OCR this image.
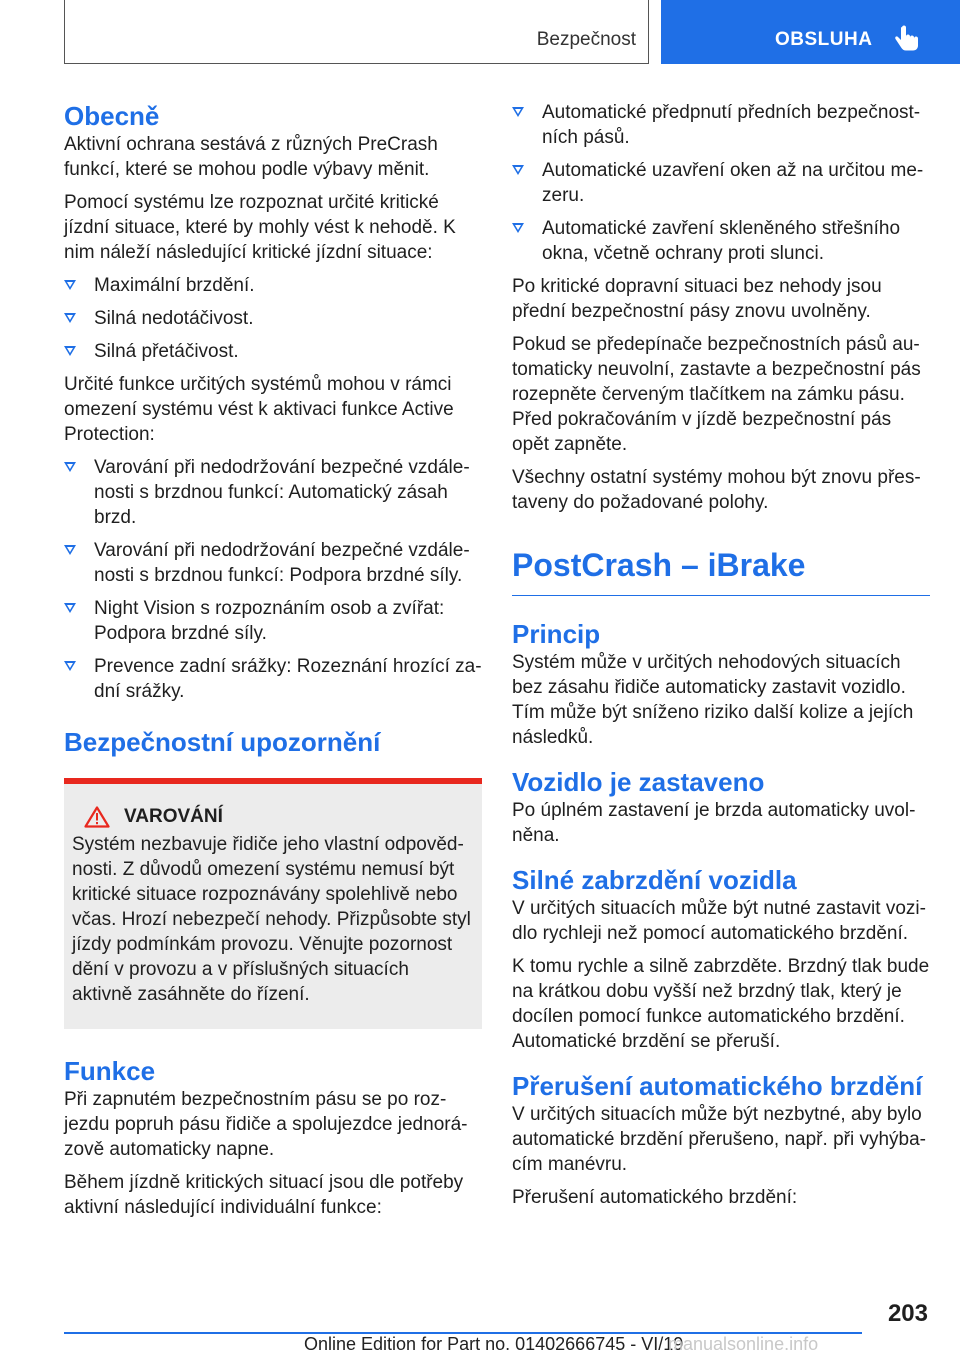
Bezpečnost	OBSLUHA
Obecně

Aktivní ochrana sestává z různých PreCrash funkcí, které se mohou podle výbavy měnit.

Pomocí systému lze rozpoznat určité kritické jízdní situace, které by mohly vést k nehodě. K nim náleží následující kritické jízdní situace:

Maximální brzdění.
Silná nedotáčivost.
Silná přetáčivost.

Určité funkce určitých systémů mohou v rámci omezení systému vést k aktivaci funkce Active Protection:

Varování při nedodržování bezpečné vzdále-nosti s brzdnou funkcí: Automatický zásah brzd.
Varování při nedodržování bezpečné vzdále-nosti s brzdnou funkcí: Podpora brzdné síly.
Night Vision s rozpoznáním osob a zvířat: Podpora brzdné síly.
Prevence zadní srážky: Rozeznání hrozící za-dní srážky.
Bezpečnostní upozornění
VAROVÁNÍ

Systém nezbavuje řidiče jeho vlastní odpověd-nosti. Z důvodů omezení systému nemusí být kritické situace rozpoznávány spolehlivě nebo včas. Hrozí nebezpečí nehody. Přizpůsobte styl jízdy podmínkám provozu. Věnujte pozornost dění v provozu a v příslušných situacích aktivně zasáhněte do řízení.

Funkce

Při zapnutém bezpečnostním pásu se po roz-jezdu popruh pásu řidiče a spolujezdce jednorá-zově automaticky napne.

Během jízdně kritických situací jsou dle potřeby aktivní následující individuální funkce:

Automatické předpnutí předních bezpečnost-ních pásů.
Automatické uzavření oken až na určitou me-zeru.
Automatické zavření skleněného střešního okna, včetně ochrany proti slunci.

Po kritické dopravní situaci bez nehody jsou přední bezpečnostní pásy znovu uvolněny.

Pokud se předepínače bezpečnostních pásů au-tomaticky neuvolní, zastavte a bezpečnostní pás rozepněte červeným tlačítkem na zámku pásu. Před pokračováním v jízdě bezpečnostní pás opět zapněte.

Všechny ostatní systémy mohou být znovu přes-taveny do požadované polohy.

PostCrash – iBrake
Princip

Systém může v určitých nehodových situacích bez zásahu řidiče automaticky zastavit vozidlo. Tím může být sníženo riziko další kolize a jejích následků.

Vozidlo je zastaveno

Po úplném zastavení je brzda automaticky uvol-něna.

Silné zabrzdění vozidla

V určitých situacích může být nutné zastavit vozi-dlo rychleji než pomocí automatického brzdění.

K tomu rychle a silně zabrzděte. Brzdný tlak bude na krátkou dobu vyšší než brzdný tlak, který je docílen pomocí funkce automatického brzdění. Automatické brzdění se přeruší.

Přerušení automatického brzdění

V určitých situacích může být nezbytné, aby bylo automatické brzdění přerušeno, např. při vyhýba-cím manévru.

Přerušení automatického brzdění:

203
Online Edition for Part no. 01402666745 - VI/19
manualsonline.info
